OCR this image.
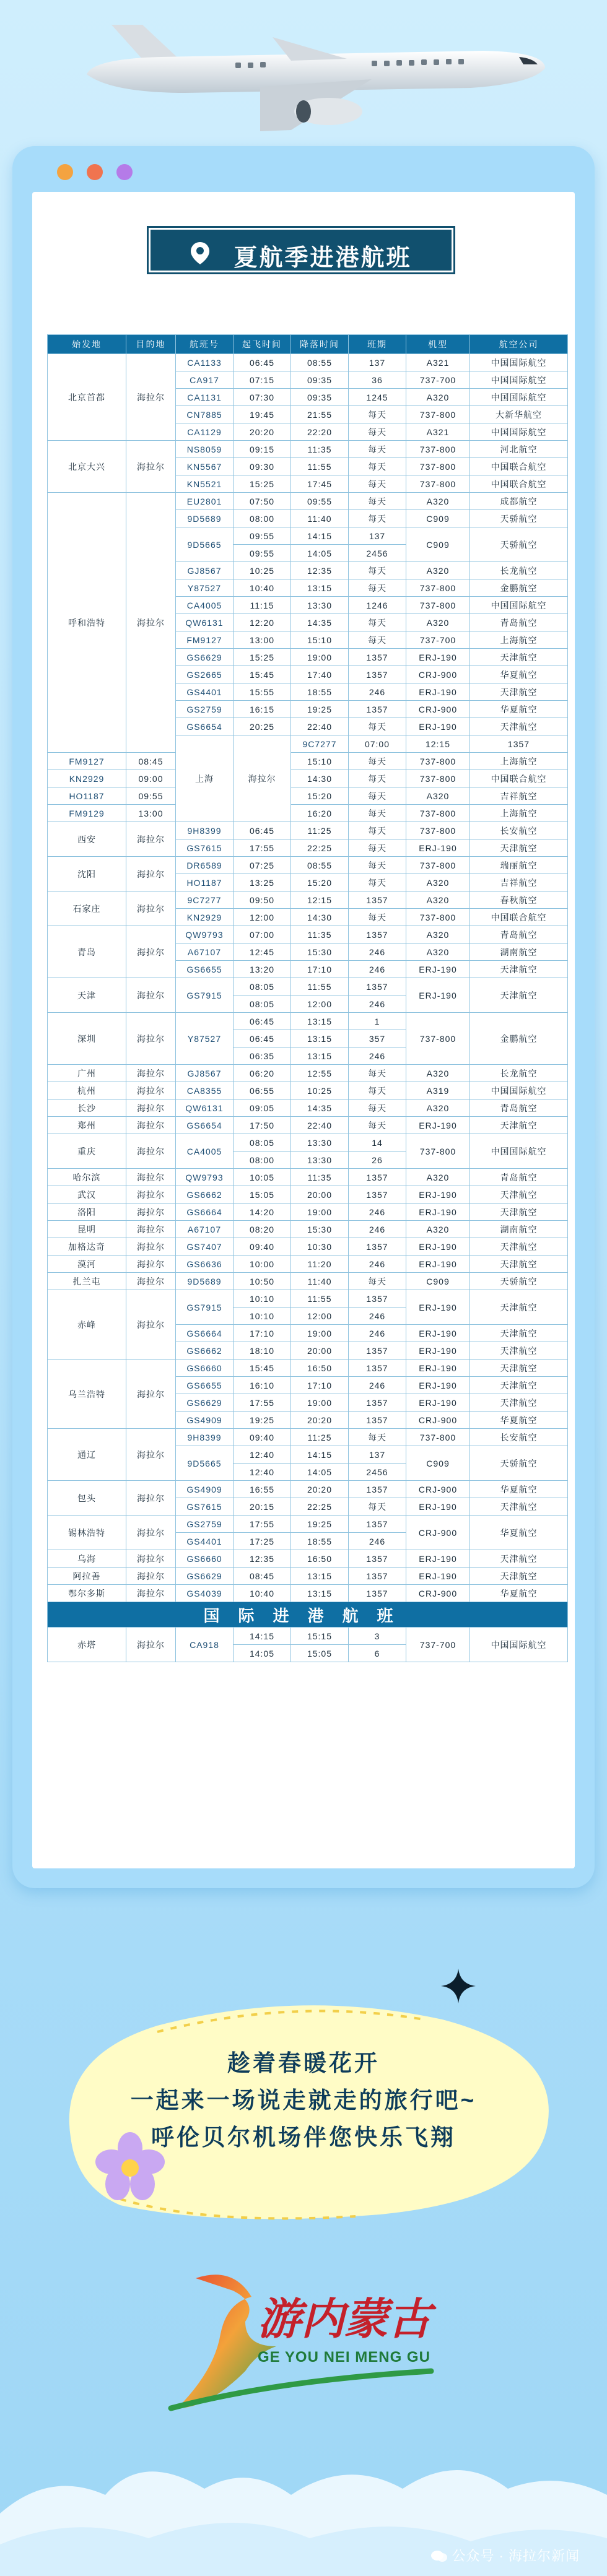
夏航季进港航班
始发地	目的地	航班号	起飞时间	降落时间	班期	机型	航空公司	
北京首都	海拉尔	CA1133	06:45	08:55	137	A321	中国国际航空	
		CA917	07:15	09:35	36	737-700	中国国际航空	
		CA1131	07:30	09:35	1245	A320	中国国际航空	
		CN7885	19:45	21:55	每天	737-800	大新华航空	
		CA1129	20:20	22:20	每天	A321	中国国际航空	
北京大兴	海拉尔	NS8059	09:15	11:35	每天	737-800	河北航空	
		KN5567	09:30	11:55	每天	737-800	中国联合航空	
		KN5521	15:25	17:45	每天	737-800	中国联合航空	
呼和浩特	海拉尔	EU2801	07:50	09:55	每天	A320	成都航空	
		9D5689	08:00	11:40	每天	C909	天骄航空	
		9D5665	09:55	14:15	137	C909	天骄航空	
			09:55	14:05	2456			
		GJ8567	10:25	12:35	每天	A320	长龙航空	
		Y87527	10:40	13:15	每天	737-800	金鹏航空	
		CA4005	11:15	13:30	1246	737-800	中国国际航空	
		QW6131	12:20	14:35	每天	A320	青岛航空	
		FM9127	13:00	15:10	每天	737-700	上海航空	
		GS6629	15:25	19:00	1357	ERJ-190	天津航空	
		GS2665	15:45	17:40	1357	CRJ-900	华夏航空	
		GS4401	15:55	18:55	246	ERJ-190	天津航空	
		GS2759	16:15	19:25	1357	CRJ-900	华夏航空	
		GS6654	20:25	22:40	每天	ERJ-190	天津航空	
		上海	海拉尔	9C7277	07:00	12:15	1357		
FM9127	08:45			15:10	每天	737-800	上海航空	
KN2929	09:00			14:30	每天	737-800	中国联合航空	
HO1187	09:55			15:20	每天	A320	吉祥航空	
FM9129	13:00			16:20	每天	737-800	上海航空	
西安	海拉尔	9H8399	06:45	11:25	每天	737-800	长安航空	
		GS7615	17:55	22:25	每天	ERJ-190	天津航空	
沈阳	海拉尔	DR6589	07:25	08:55	每天	737-800	瑞丽航空	
		HO1187	13:25	15:20	每天	A320	吉祥航空	
石家庄	海拉尔	9C7277	09:50	12:15	1357	A320	春秋航空	
		KN2929	12:00	14:30	每天	737-800	中国联合航空	
青岛	海拉尔	QW9793	07:00	11:35	1357	A320	青岛航空	
		A67107	12:45	15:30	246	A320	湖南航空	
		GS6655	13:20	17:10	246	ERJ-190	天津航空	
天津	海拉尔	GS7915	08:05	11:55	1357	ERJ-190	天津航空	
			08:05	12:00	246			
深圳	海拉尔	Y87527	06:45	13:15	1	737-800	金鹏航空	
			06:45	13:15	357			
			06:35	13:15	246			
广州	海拉尔	GJ8567	06:20	12:55	每天	A320	长龙航空	
杭州	海拉尔	CA8355	06:55	10:25	每天	A319	中国国际航空	
长沙	海拉尔	QW6131	09:05	14:35	每天	A320	青岛航空	
郑州	海拉尔	GS6654	17:50	22:40	每天	ERJ-190	天津航空	
重庆	海拉尔	CA4005	08:05	13:30	14	737-800	中国国际航空	
			08:00	13:30	26			
哈尔滨	海拉尔	QW9793	10:05	11:35	1357	A320	青岛航空	
武汉	海拉尔	GS6662	15:05	20:00	1357	ERJ-190	天津航空	
洛阳	海拉尔	GS6664	14:20	19:00	246	ERJ-190	天津航空	
昆明	海拉尔	A67107	08:20	15:30	246	A320	湖南航空	
加格达奇	海拉尔	GS7407	09:40	10:30	1357	ERJ-190	天津航空	
漠河	海拉尔	GS6636	10:00	11:20	246	ERJ-190	天津航空	
扎兰屯	海拉尔	9D5689	10:50	11:40	每天	C909	天骄航空	
赤峰	海拉尔	GS7915	10:10	11:55	1357	ERJ-190	天津航空	
			10:10	12:00	246			
		GS6664	17:10	19:00	246	ERJ-190	天津航空	
		GS6662	18:10	20:00	1357	ERJ-190	天津航空	
乌兰浩特	海拉尔	GS6660	15:45	16:50	1357	ERJ-190	天津航空	
		GS6655	16:10	17:10	246	ERJ-190	天津航空	
		GS6629	17:55	19:00	1357	ERJ-190	天津航空	
		GS4909	19:25	20:20	1357	CRJ-900	华夏航空	
通辽	海拉尔	9H8399	09:40	11:25	每天	737-800	长安航空	
		9D5665	12:40	14:15	137	C909	天骄航空	
			12:40	14:05	2456			
包头	海拉尔	GS4909	16:55	20:20	1357	CRJ-900	华夏航空	
		GS7615	20:15	22:25	每天	ERJ-190	天津航空	
锡林浩特	海拉尔	GS2759	17:55	19:25	1357	CRJ-900	华夏航空	
		GS4401	17:25	18:55	246			
乌海	海拉尔	GS6660	12:35	16:50	1357	ERJ-190	天津航空	
阿拉善	海拉尔	GS6629	08:45	13:15	1357	ERJ-190	天津航空	
鄂尔多斯	海拉尔	GS4039	10:40	13:15	1357	CRJ-900	华夏航空	
国际进港航班								
赤塔	海拉尔	CA918	14:15	15:15	3	737-700	中国国际航空	
			14:05	15:05	6			
趁着春暖花开
一起来一场说走就走的旅行吧~
呼伦贝尔机场伴您快乐飞翔
游内蒙古
GE YOU NEI MENG GU
公众号 · 海拉尔新闻
